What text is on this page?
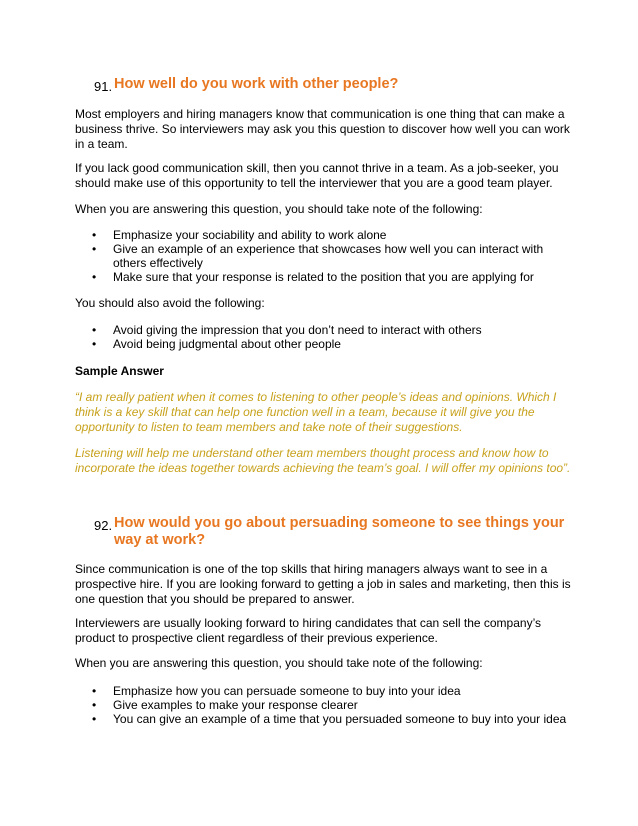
91. How well do you work with other people?
Most employers and hiring managers know that communication is one thing that can make a business thrive. So interviewers may ask you this question to discover how well you can work in a team.
If you lack good communication skill, then you cannot thrive in a team. As a job-seeker, you should make use of this opportunity to tell the interviewer that you are a good team player.
When you are answering this question, you should take note of the following:
• Emphasize your sociability and ability to work alone
• Give an example of an experience that showcases how well you can interact with others effectively
• Make sure that your response is related to the position that you are applying for
You should also avoid the following:
• Avoid giving the impression that you don’t need to interact with others
• Avoid being judgmental about other people
Sample Answer
“I am really patient when it comes to listening to other people’s ideas and opinions. Which I think is a key skill that can help one function well in a team, because it will give you the opportunity to listen to team members and take note of their suggestions.
Listening will help me understand other team members thought process and know how to incorporate the ideas together towards achieving the team’s goal. I will offer my opinions too”.
92. How would you go about persuading someone to see things your way at work?
Since communication is one of the top skills that hiring managers always want to see in a prospective hire. If you are looking forward to getting a job in sales and marketing, then this is one question that you should be prepared to answer.
Interviewers are usually looking forward to hiring candidates that can sell the company’s product to prospective client regardless of their previous experience.
When you are answering this question, you should take note of the following:
• Emphasize how you can persuade someone to buy into your idea
• Give examples to make your response clearer
• You can give an example of a time that you persuaded someone to buy into your idea
